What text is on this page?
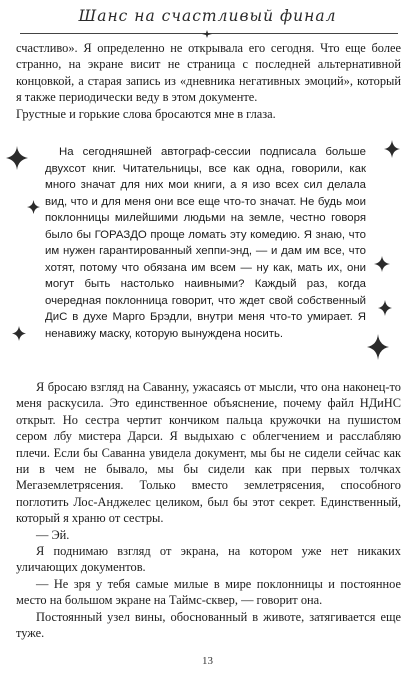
Шанс на счастливый финал

счастливо». Я определенно не открывала его сегодня. Что еще более странно, на экране висит не страница с последней альтернативной концовкой, а старая запись из «дневника негативных эмоций», который я также периодически веду в этом документе.

Грустные и горькие слова бросаются мне в глаза.

На сегодняшней автограф-сессии подписала больше двухсот книг. Читательницы, все как одна, говорили, как много значат для них мои книги, а я изо всех сил делала вид, что и для меня они все еще что-то значат. Не будь мои поклонницы милейшими людьми на земле, честно говоря было бы ГОРАЗДО проще ломать эту комедию. Я знаю, что им нужен гарантированный хеппи-энд, — и дам им все, что хотят, потому что обязана им всем — ну как, мать их, они могут быть настолько наивными? Каждый раз, когда очередная поклонница говорит, что ждет свой собственный ДиС в духе Марго Брэдли, внутри меня что-то умирает. Я ненавижу маску, которую вынуждена носить.

Я бросаю взгляд на Саванну, ужасаясь от мысли, что она наконец-то меня раскусила. Это единственное объяснение, почему файл НДиНС открыт. Но сестра чертит кончиком пальца кружочки на пушистом сером лбу мистера Дарси. Я выдыхаю с облегчением и расслабляю плечи. Если бы Саванна увидела документ, мы бы не сидели сейчас как ни в чем не бывало, мы бы сидели как при первых толчках Мегаземлетрясения. Только вместо землетрясения, способного поглотить Лос-Анджелес целиком, был бы этот секрет. Единственный, который я храню от сестры.

— Эй.

Я поднимаю взгляд от экрана, на котором уже нет никаких уличающих документов.

— Не зря у тебя самые милые в мире поклонницы и постоянное место на большом экране на Таймс-сквер, — говорит она.

Постоянный узел вины, обоснованный в животе, затягивается еще туже.

13
